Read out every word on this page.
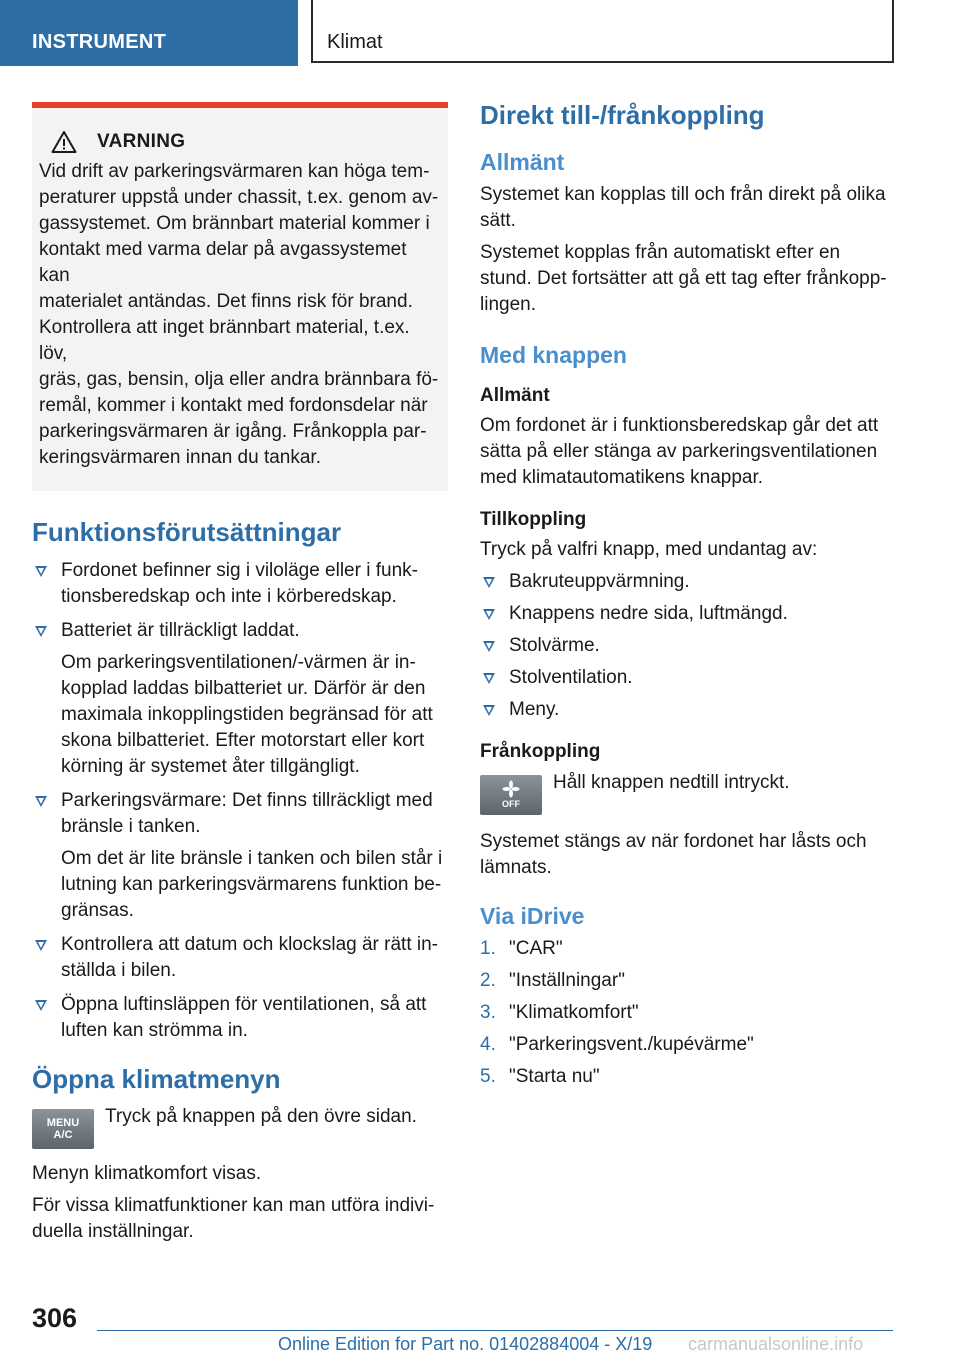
INSTRUMENT	Klimat
VARNING
Vid drift av parkeringsvärmaren kan höga tem-
peraturer uppstå under chassit, t.ex. genom av-
gassystemet. Om brännbart material kommer i
kontakt med varma delar på avgassystemet kan
materialet antändas. Det finns risk för brand.
Kontrollera att inget brännbart material, t.ex. löv,
gräs, gas, bensin, olja eller andra brännbara fö-
remål, kommer i kontakt med fordonsdelar när
parkeringsvärmaren är igång. Frånkoppla par-
keringsvärmaren innan du tankar.
Funktionsförutsättningar
Fordonet befinner sig i viloläge eller i funk-
tionsberedskap och inte i körberedskap.
Batteriet är tillräckligt laddat.
Om parkeringsventilationen/-värmen är in-
kopplad laddas bilbatteriet ur. Därför är den
maximala inkopplingstiden begränsad för att
skona bilbatteriet. Efter motorstart eller kort
körning är systemet åter tillgängligt.
Parkeringsvärmare: Det finns tillräckligt med
bränsle i tanken.
Om det är lite bränsle i tanken och bilen står i
lutning kan parkeringsvärmarens funktion be-
gränsas.
Kontrollera att datum och klockslag är rätt in-
ställda i bilen.
Öppna luftinsläppen för ventilationen, så att
luften kan strömma in.
Öppna klimatmenyn
MENU
A/C

Tryck på knappen på den övre sidan.

Menyn klimatkomfort visas.

För vissa klimatfunktioner kan man utföra indivi-
duella inställningar.

Direkt till-/frånkoppling
Allmänt

Systemet kan kopplas till och från direkt på olika
sätt.

Systemet kopplas från automatiskt efter en
stund. Det fortsätter att gå ett tag efter frånkopp-
lingen.

Med knappen
Allmänt

Om fordonet är i funktionsberedskap går det att
sätta på eller stänga av parkeringsventilationen
med klimatautomatikens knappar.

Tillkoppling

Tryck på valfri knapp, med undantag av:

Bakruteuppvärmning.
Knappens nedre sida, luftmängd.
Stolvärme.
Stolventilation.
Meny.
Frånkoppling
OFF

Håll knappen nedtill intryckt.

Systemet stängs av när fordonet har låsts och
lämnats.

Via iDrive
1. "CAR"
2. "Inställningar"
3. "Klimatkomfort"
4. "Parkeringsvent./kupévärme"
5. "Starta nu"
306
Online Edition for Part no. 01402884004 - X/19 carmanualsonline.info
